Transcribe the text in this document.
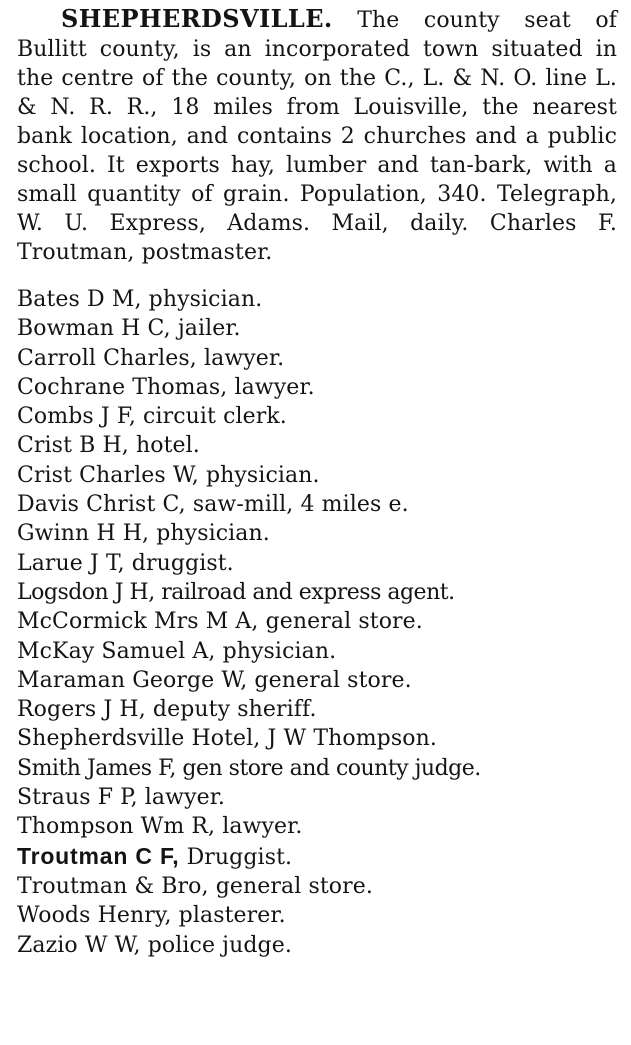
SHEPHERDSVILLE. The county seat of Bullitt county, is an incorporated town situated in the centre of the county, on the C., L. & N. O. line L. & N. R. R., 18 miles from Louisville, the nearest bank location, and contains 2 churches and a public school. It exports hay, lumber and tan-bark, with a small quantity of grain. Population, 340. Telegraph, W. U. Express, Adams. Mail, daily. Charles F. Troutman, postmaster.

Bates D M, physician.
Bowman H C, jailer.
Carroll Charles, lawyer.
Cochrane Thomas, lawyer.
Combs J F, circuit clerk.
Crist B H, hotel.
Crist Charles W, physician.
Davis Christ C, saw-mill, 4 miles e.
Gwinn H H, physician.
Larue J T, druggist.
Logsdon J H, railroad and express agent.
McCormick Mrs M A, general store.
McKay Samuel A, physician.
Maraman George W, general store.
Rogers J H, deputy sheriff.
Shepherdsville Hotel, J W Thompson.
Smith James F, gen store and county judge.
Straus F P, lawyer.
Thompson Wm R, lawyer.
Troutman C F, Druggist.
Troutman & Bro, general store.
Woods Henry, plasterer.
Zazio W W, police judge.
